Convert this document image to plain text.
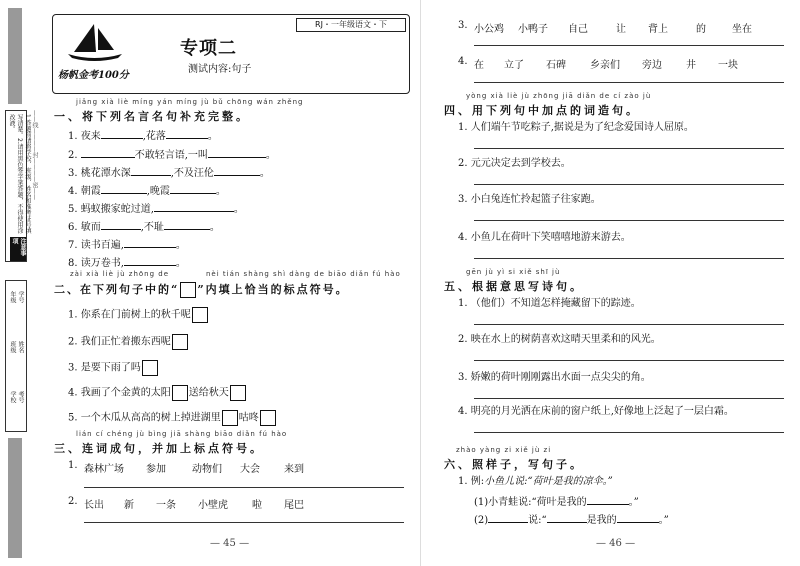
1.答题前请将学校、班级、姓名和准考证号填写清楚。2.请用黑色签字笔答题，不得使用涂改液。
注意事项
——线————封————密——
学校
班级 姓名
年级 学号
考号
RJ・一年级语文・下
杨帆金考100分
专项二
测试内容:句子
jiǎng xià liè míng yán míng jù bǔ chōng wán zhěng
一、将下列名言名句补充完整。
1. 夜来	,花落	。
2.	不敢轻言语,一叫	。
3. 桃花潭水深	,不及汪伦	。
4. 朝霞	,晚霞	。
5. 蚂蚁搬家蛇过道,	。
6. 敏而	,不耻	。
7. 读书百遍,	。
8. 读万卷书,	。
zài xià liè jù zhōng de	nèi tián shàng shì dàng de biāo diǎn fú hào
二、在下列句子中的“ ”内填上恰当的标点符号。
1. 你系在门前树上的秋千呢
2. 我们正忙着搬东西呢
3. 是要下雨了吗
4. 我画了个金黄的太阳 送给秋天
5. 一个木瓜从高高的树上掉进湖里 咕咚
lián cí chéng jù bìng jiā shàng biāo diǎn fú hào
三、连词成句，并加上标点符号。
1. 森林广场 参加	动物们 大会 来到
2. 长出 新 一条 小壁虎 啦 尾巴
— 45 —
3. 小公鸡 小鸭子 自己	让 背上	的	坐在
4. 在 立了 石碑 乡亲们 旁边 井 一块
yòng xià liè jù zhōng jiā diǎn de cí zào jù
四、用下列句中加点的词造句。
1. 人们端午节吃粽子,据说是为了纪念爱国诗人屈原。
2. 元元决定去到学校去。
3. 小白兔连忙拎起篮子往家跑。
4. 小鱼儿在荷叶下笑嘻嘻地游来游去。
gēn jù yì si xiě shī jù
五、根据意思写诗句。
1. （他们）不知道怎样掩藏留下的踪迹。
2. 映在水上的树荫喜欢这晴天里柔和的风光。
3. 娇嫩的荷叶刚刚露出水面一点尖尖的角。
4. 明亮的月光洒在床前的窗户纸上,好像地上泛起了一层白霜。
zhào yàng zi xiě jù zi
六、照样子，写句子。
1. 例:小鱼儿说:“荷叶是我的凉伞。”
(1)小青蛙说:“荷叶是我的	。”
(2)	说:“	是我的	。”
— 46 —
